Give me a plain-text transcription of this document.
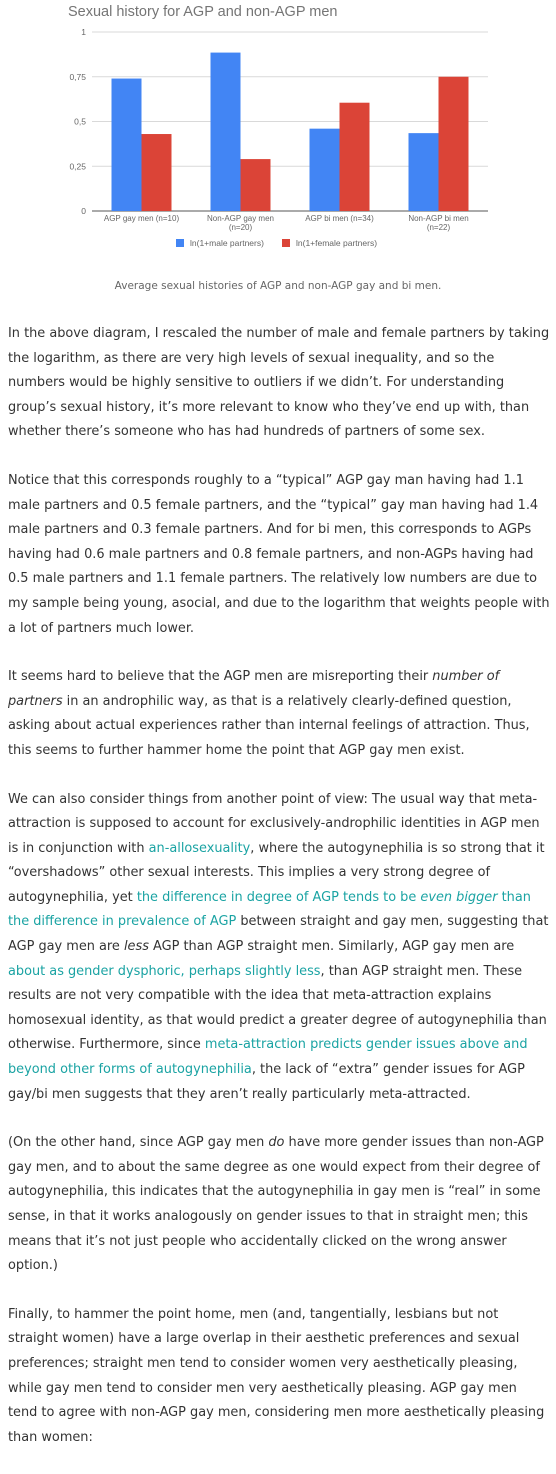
Sexual history for AGP and non-AGP men
0
0,25
0,5
0,75
1
AGP gay men (n=10)	Non-AGP gay men
(n=20)
AGP bi men (n=34)	Non-AGP bi men
(n=22)
ln(1+male partners)	ln(1+female partners)
Average sexual histories of AGP and non-AGP gay and bi men.

In the above diagram, I rescaled the number of male and female partners by taking the logarithm, as there are very high levels of sexual inequality, and so the numbers would be highly sensitive to outliers if we didn’t. For understanding group’s sexual history, it’s more relevant to know who they’ve end up with, than whether there’s someone who has had hundreds of partners of some sex.

Notice that this corresponds roughly to a “typical” AGP gay man having had 1.1 male partners and 0.5 female partners, and the “typical” gay man having had 1.4 male partners and 0.3 female partners. And for bi men, this corresponds to AGPs having had 0.6 male partners and 0.8 female partners, and non-AGPs having had 0.5 male partners and 1.1 female partners. The relatively low numbers are due to my sample being young, asocial, and due to the logarithm that weights people with a lot of partners much lower.

It seems hard to believe that the AGP men are misreporting their number of partners in an androphilic way, as that is a relatively clearly-defined question, asking about actual experiences rather than internal feelings of attraction. Thus, this seems to further hammer home the point that AGP gay men exist.

We can also consider things from another point of view: The usual way that meta-attraction is supposed to account for exclusively-androphilic identities in AGP men is in conjunction with an-allosexuality, where the autogynephilia is so strong that it “overshadows” other sexual interests. This implies a very strong degree of autogynephilia, yet the difference in degree of AGP tends to be even bigger than the difference in prevalence of AGP between straight and gay men, suggesting that AGP gay men are less AGP than AGP straight men. Similarly, AGP gay men are about as gender dysphoric, perhaps slightly less, than AGP straight men. These results are not very compatible with the idea that meta-attraction explains homosexual identity, as that would predict a greater degree of autogynephilia than otherwise. Furthermore, since meta-attraction predicts gender issues above and beyond other forms of autogynephilia, the lack of “extra” gender issues for AGP gay/bi men suggests that they aren’t really particularly meta-attracted.

(On the other hand, since AGP gay men do have more gender issues than non-AGP gay men, and to about the same degree as one would expect from their degree of autogynephilia, this indicates that the autogynephilia in gay men is “real” in some sense, in that it works analogously on gender issues to that in straight men; this means that it’s not just people who accidentally clicked on the wrong answer option.)

Finally, to hammer the point home, men (and, tangentially, lesbians but not straight women) have a large overlap in their aesthetic preferences and sexual preferences; straight men tend to consider women very aesthetically pleasing, while gay men tend to consider men very aesthetically pleasing. AGP gay men tend to agree with non-AGP gay men, considering men more aesthetically pleasing than women:
